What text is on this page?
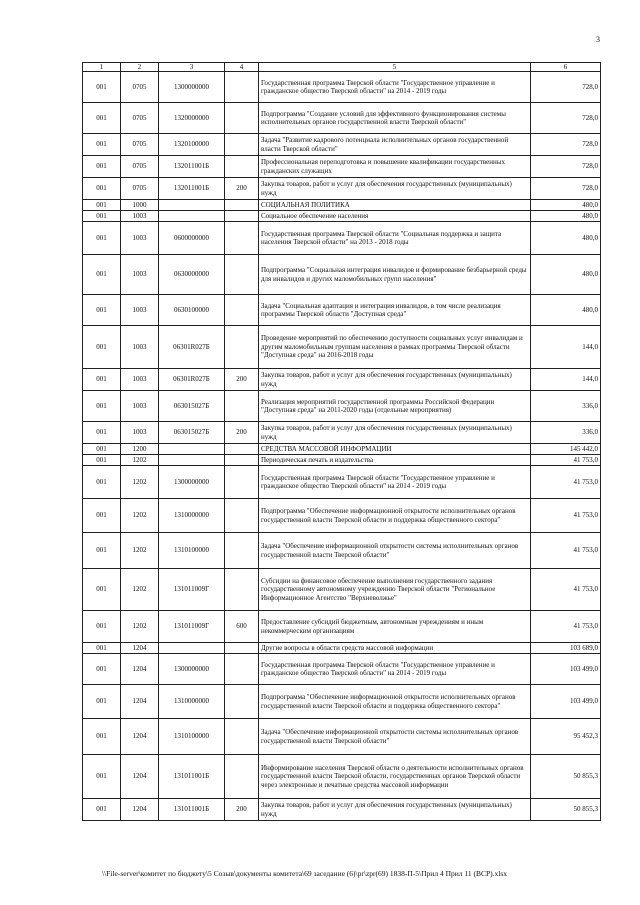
3
1	2	3	4	5	6
001	0705	1300000000		Государственная программа Тверской области "Государственное управление и гражданское общество Тверской области" на 2014 - 2019 годы	728,0
001	0705	1320000000		Подпрограмма "Создание условий для эффективного функционирования системы исполнительных органов государственной власти Тверской области"	728,0
001	0705	1320100000		Задача "Развитие кадрового потенциала исполнительных органов государственной власти Тверской области"	728,0
001	0705	132011001Б		Профессиональная переподготовка и повышение квалификации государственных гражданских служащих	728,0
001	0705	132011001Б	200	Закупка товаров, работ и услуг для обеспечения государственных (муниципальных) нужд	728,0
001	1000			СОЦИАЛЬНАЯ ПОЛИТИКА	480,0
001	1003			Социальное обеспечение населения	480,0
001	1003	0600000000		Государственная программа Тверской области "Социальная поддержка и защита населения Тверской области" на 2013 - 2018 годы	480,0
001	1003	0630000000		Подпрограмма "Социальная интеграция инвалидов и формирование безбарьерной среды для инвалидов и других маломобильных групп населения"	480,0
001	1003	0630100000		Задача "Социальная адаптация и интеграция инвалидов, в том числе реализация программы Тверской области "Доступная среда"	480,0
001	1003	06301R027Б		Проведение мероприятий по обеспечению доступности социальных услуг инвалидам и другим маломобильным группам населения в рамках программы Тверской области "Доступная среда" на 2016-2018 годы	144,0
001	1003	06301R027Б	200	Закупка товаров, работ и услуг для обеспечения государственных (муниципальных) нужд	144,0
001	1003	063015027Б		Реализация мероприятий государственной программы Российской Федерации "Доступная среда" на 2011-2020 годы (отдельные мероприятия)	336,0
001	1003	063015027Б	200	Закупка товаров, работ и услуг для обеспечения государственных (муниципальных) нужд	336,0
001	1200			СРЕДСТВА МАССОВОЙ ИНФОРМАЦИИ	145 442,0
001	1202			Периодическая печать и издательства	41 753,0
001	1202	1300000000		Государственная программа Тверской области "Государственное управление и гражданское общество Тверской области" на 2014 - 2019 годы	41 753,0
001	1202	1310000000		Подпрограмма "Обеспечение информационной открытости исполнительных органов государственной власти Тверской области и поддержка общественного сектора"	41 753,0
001	1202	1310100000		Задача "Обеспечение информационной открытости системы исполнительных органов государственной власти Тверской области"	41 753,0
001	1202	131011009Г		Субсидии на финансовое обеспечение выполнения государственного задания государственному автономному учреждению Тверской области "Региональное Информационное Агентство "Верхневолжье"	41 753,0
001	1202	131011009Г	600	Предоставление субсидий бюджетным, автономным учреждениям и иным некоммерческим организациям	41 753,0
001	1204			Другие вопросы в области средств массовой информации	103 689,0
001	1204	1300000000		Государственная программа Тверской области "Государственное управление и гражданское общество Тверской области" на 2014 - 2019 годы	103 499,0
001	1204	1310000000		Подпрограмма "Обеспечение информационной открытости исполнительных органов государственной власти Тверской области и поддержка общественного сектора"	103 499,0
001	1204	1310100000		Задача "Обеспечение информационной открытости системы исполнительных органов государственной власти Тверской области"	95 452,3
001	1204	131011001Б		Информирование населения Тверской области о деятельности исполнительных органов государственной власти Тверской области, государственных органов Тверской области через электронные и печатные средства массовой информации	50 855,3
001	1204	131011001Б	200	Закупка товаров, работ и услуг для обеспечения государственных (муниципальных) нужд	50 855,3
\\File-server\комитет по бюджету\5 Созыв\документы комитета\69 заседание (6)\pr\zpr(69) 1838-П-5\Прил 4 Прил 11 (ВСР).xlsx
